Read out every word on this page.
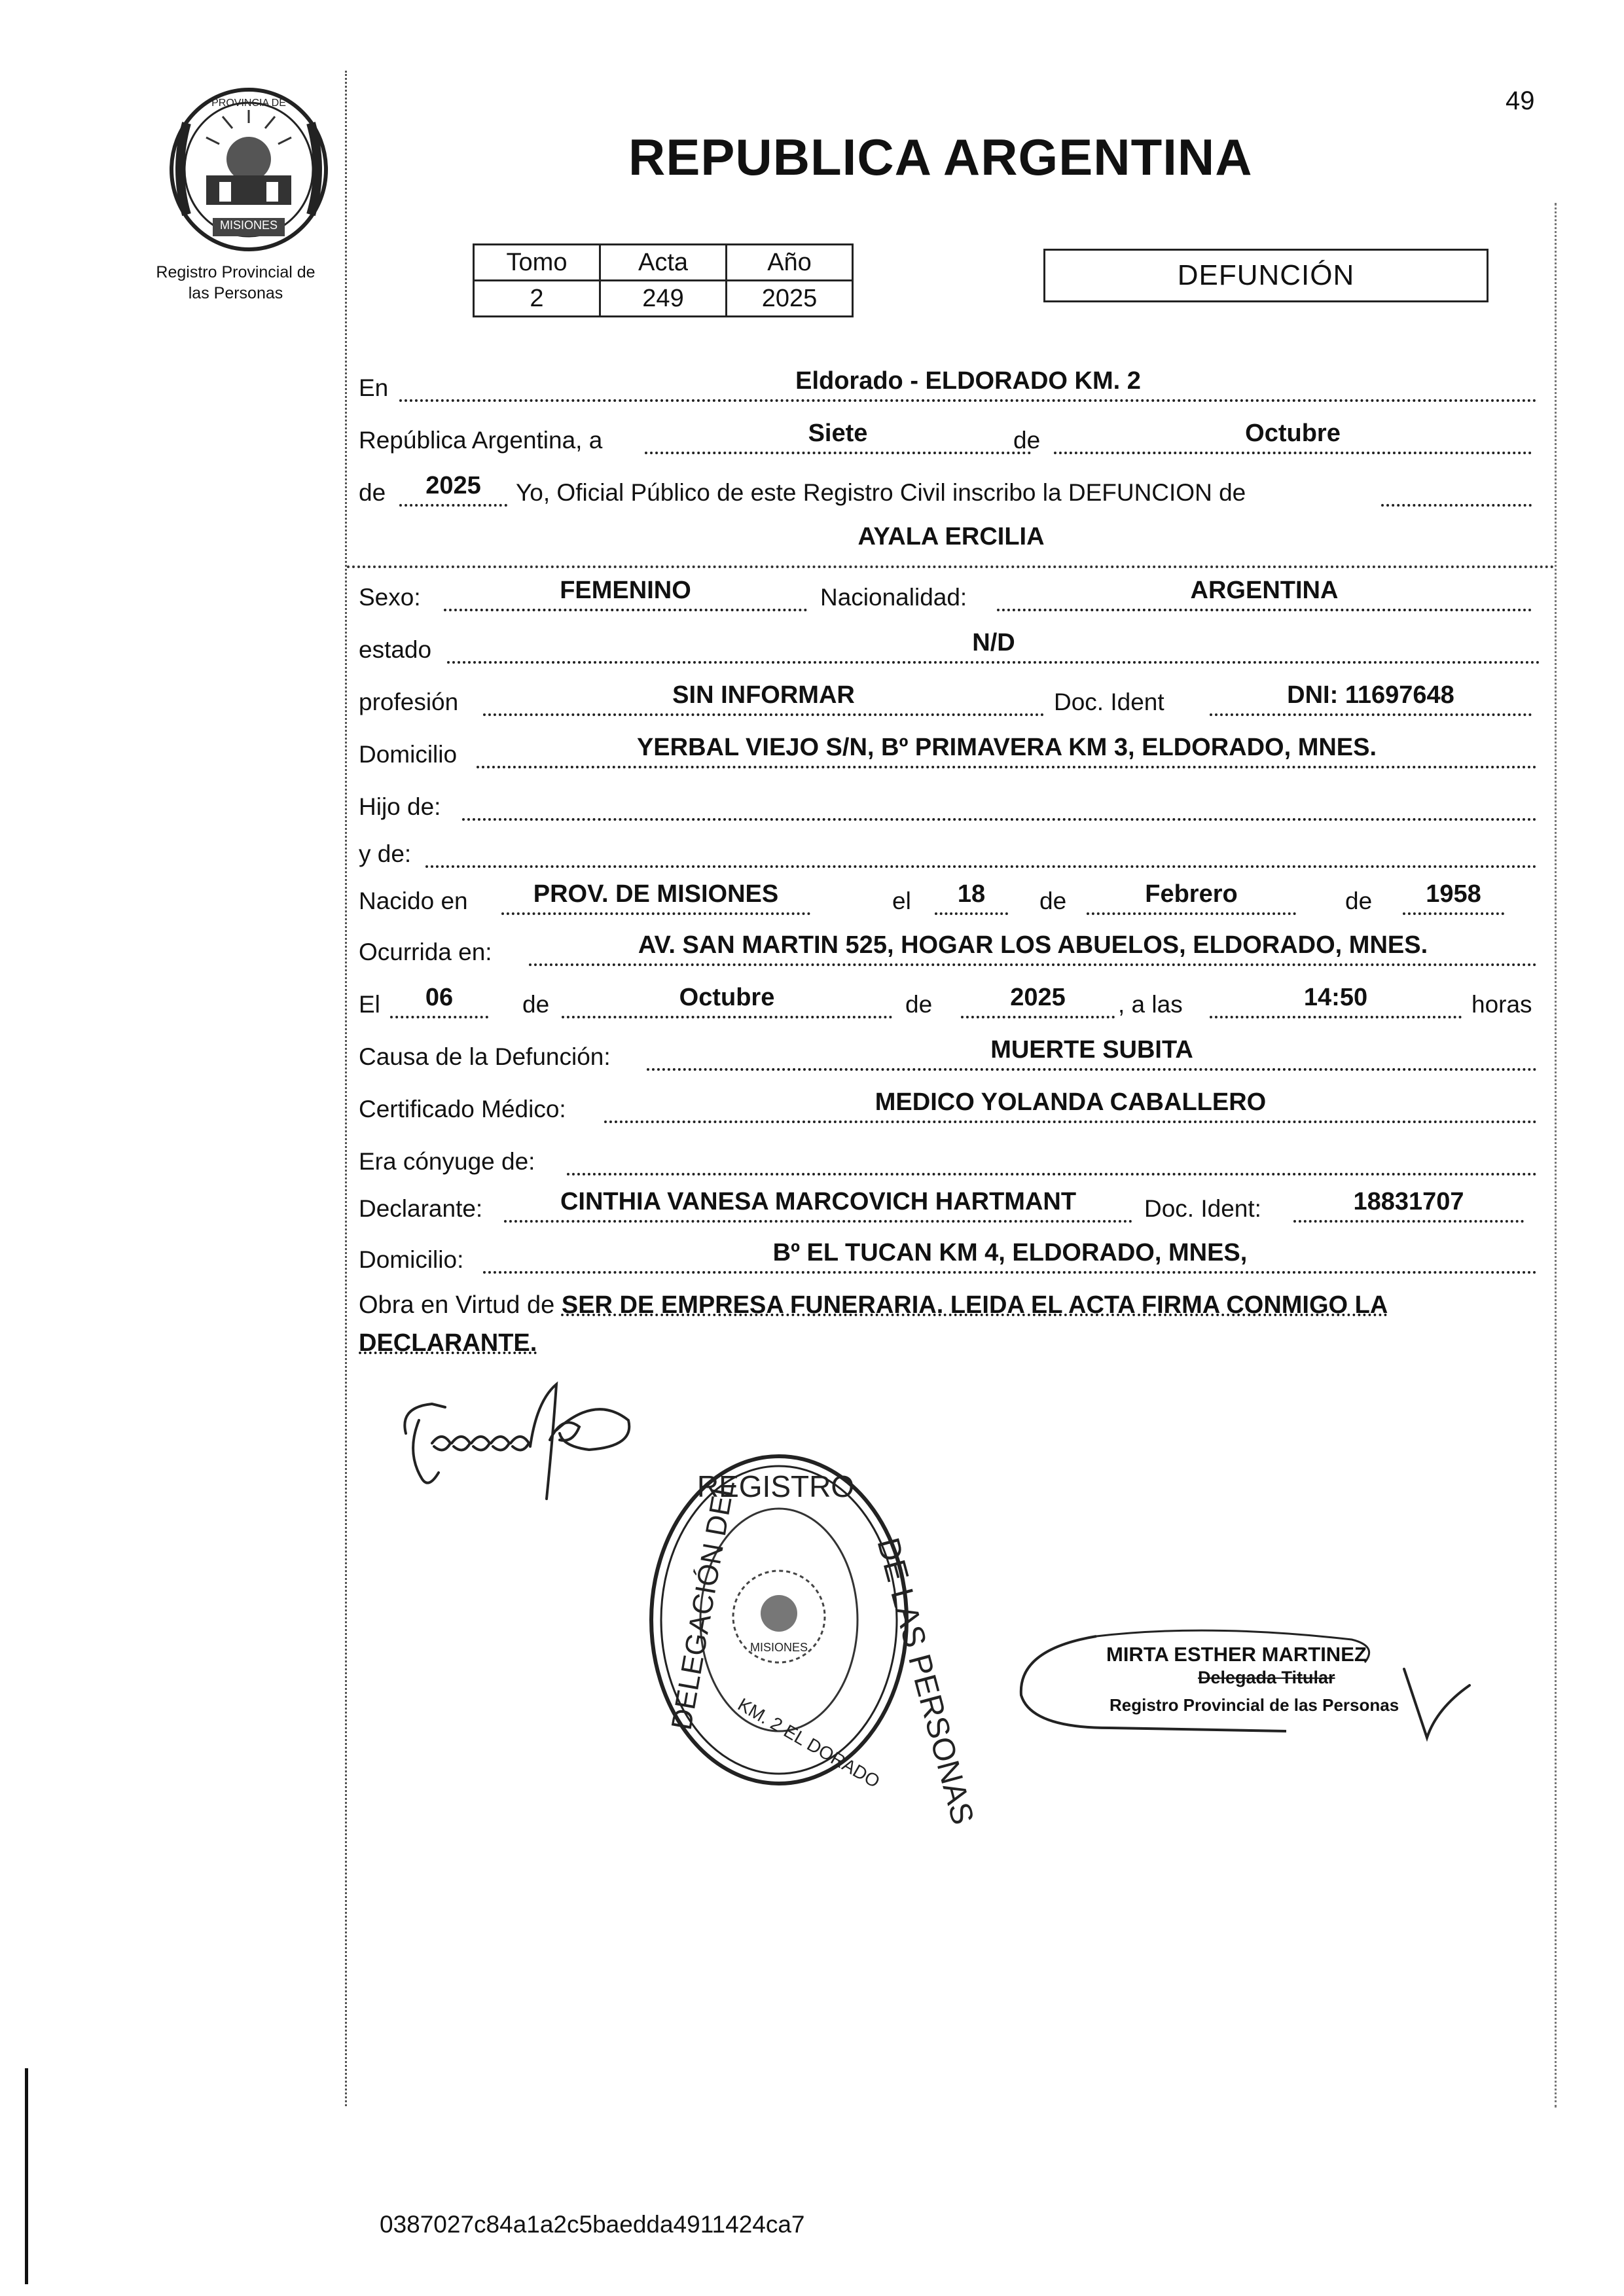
MISIONES
PROVINCIA DE
Registro Provincial de
las Personas
49
REPUBLICA ARGENTINA
Tomo	Acta	Año
2	249	2025
DEFUNCIÓN
En	Eldorado - ELDORADO KM. 2
República Argentina, a	Siete	de	Octubre
de	2025	Yo, Oficial Público de este Registro Civil inscribo la DEFUNCION de
AYALA ERCILIA
Sexo:	FEMENINO	Nacionalidad:	ARGENTINA
estado	N/D
profesión	SIN INFORMAR	Doc. Ident	DNI: 11697648
Domicilio	YERBAL VIEJO S/N, Bº PRIMAVERA KM 3, ELDORADO, MNES.
Hijo de:
y de:
Nacido en	PROV. DE MISIONES	el	18	de	Febrero	de	1958
Ocurrida en:	AV. SAN MARTIN 525, HOGAR LOS ABUELOS, ELDORADO, MNES.
El	06	de	Octubre	de	2025	, a las	14:50	horas
Causa de la Defunción:	MUERTE SUBITA
Certificado Médico:	MEDICO YOLANDA CABALLERO
Era cónyuge de:
Declarante:	CINTHIA VANESA MARCOVICH HARTMANT	Doc. Ident:	18831707
Domicilio:	Bº EL TUCAN KM 4, ELDORADO, MNES,
Obra en Virtud de SER DE EMPRESA FUNERARIA. LEIDA EL ACTA FIRMA CONMIGO LA DECLARANTE.
REGISTRO
DE LAS PERSONAS
DELEGACIÓN DEL
KM. 2 EL DORADO
MISIONES	MIRTA ESTHER MARTINEZ
Delegada Titular
Registro Provincial de las Personas
0387027c84a1a2c5baedda4911424ca7
